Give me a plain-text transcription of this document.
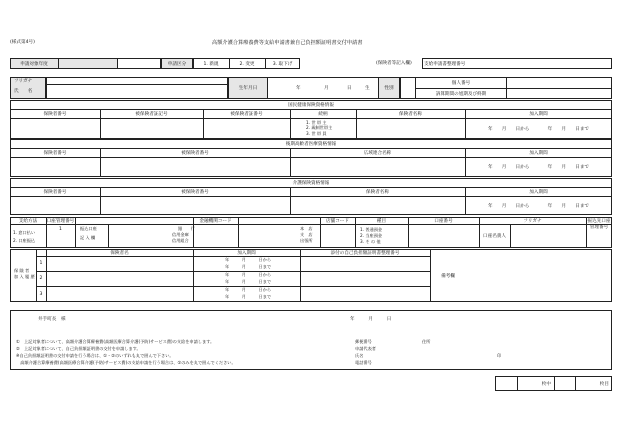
(様式第4号)	高額介護合算療養費等支給申請書兼自己負担額証明書交付申請書
申請対象年度	申請区分	1. 新規	2. 変更	3. 取下げ	(保険者等記入欄)	支給申請書整理番号
フリガナ
氏　　名	生年月日	年	月	日	生	性別
個人番号
訴算期間の旭期及び終期
国民健康保険資格情報
保険者番号	被保険者証記号	被保険者証番号	続柄	保険者名称	加入期間
1. 世 帯 主
2. 歳制世帯主
3. 世 帯 員
年　　月　　日から　　　　年　　月　　日まで
後期高齢者医療資格情報
保険者番号	被保険者番号	広域連合名称	加入期間
年　　月　　日から　　　　年　　月　　日まで
介護保険資格情報
保険者番号	被保険者番号	保険者名称	加入期間
年　　月　　日から　　　　年　　月　　日まで
支給方法
1. 窓口払い
2. 口座振込
口座管理番号
1	振込口座
記 入 欄
銀　　行
信用金庫
信用組合
金融機関コード
本　店
支　店
出張所
店舗コード	種目
1. 普通預金
2. 当座預金
3. そ の 他
口座番号	フリガナ
口座名義人
振込先口座管理番号
保 険 者
加 入 履 歴
保険者名	加入期間	添付の自己負担額証明書整理番号
1
2
3
年　　　月　　　日から
年　　　月　　　日まで
年　　　月　　　日から
年　　　月　　　日まで
年　　　月　　　日から
年　　　月　　　日まで
備考欄
井手町長　様	年　　　月　　　日
①　上記対象者について、高額介護合算療養費(高額医療合算介護(予防)サービス費)の支給を申請します。
②　上記対象者について、自己負担額証明書の交付を申請します。
※自己負担額証明書の交付申請を行う場合は、①・②のいずれも丸で囲んで下さい。
　高額介護合算療養費(高額医療合算介護(予防)サービス費)の支給申請を行う場合は、①のみを丸で囲んでください。
郵便番号	住所
申請代表者
氏名	印
電話番号
枚中	枚目
